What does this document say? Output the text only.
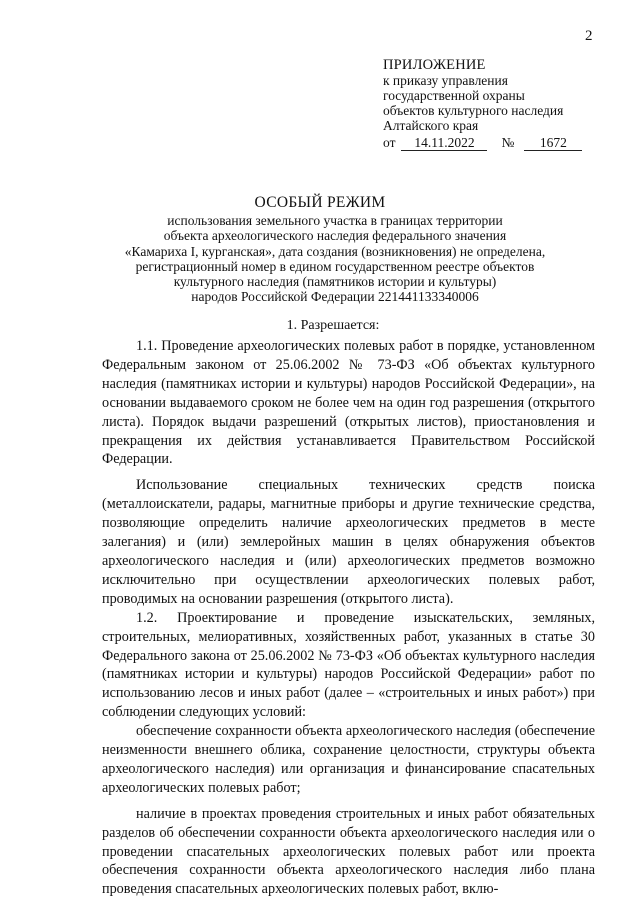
2
ПРИЛОЖЕНИЕ
к приказу управления
государственной охраны
объектов культурного наследия
Алтайского края
от	14.11.2022	№	1672
ОСОБЫЙ РЕЖИМ
использования земельного участка в границах территории
объекта археологического наследия федерального значения
«Камариха I, курганская», дата создания (возникновения) не определена,
регистрационный номер в едином государственном реестре объектов
культурного наследия (памятников истории и культуры)
народов Российской Федерации 221441133340006
1. Разрешается:

1.1. Проведение археологических полевых работ в порядке, установленном Федеральным законом от 25.06.2002 № 73-ФЗ «Об объектах культурного наследия (памятниках истории и культуры) народов Российской Федерации», на основании выдаваемого сроком не более чем на один год разрешения (открытого листа). Порядок выдачи разрешений (открытых листов), приостановления и прекращения их действия устанавливается Правительством Российской Федерации.

Использование специальных технических средств поиска (металлоискатели, радары, магнитные приборы и другие технические средства, позволяющие определить наличие археологических предметов в месте залегания) и (или) землеройных машин в целях обнаружения объектов археологического наследия и (или) археологических предметов возможно исключительно при осуществлении археологических полевых работ, проводимых на основании разрешения (открытого листа).

1.2. Проектирование и проведение изыскательских, земляных, строительных, мелиоративных, хозяйственных работ, указанных в статье 30 Федерального закона от 25.06.2002 № 73-ФЗ «Об объектах культурного наследия (памятниках истории и культуры) народов Российской Федерации» работ по использованию лесов и иных работ (далее – «строительных и иных работ») при соблюдении следующих условий:

обеспечение сохранности объекта археологического наследия (обеспечение неизменности внешнего облика, сохранение целостности, структуры объекта археологического наследия) или организация и финансирование спасательных археологических полевых работ;

наличие в проектах проведения строительных и иных работ обязательных разделов об обеспечении сохранности объекта археологического наследия или о проведении спасательных археологических полевых работ или проекта обеспечения сохранности объекта археологического наследия либо плана проведения спасательных археологических полевых работ, вклю-
